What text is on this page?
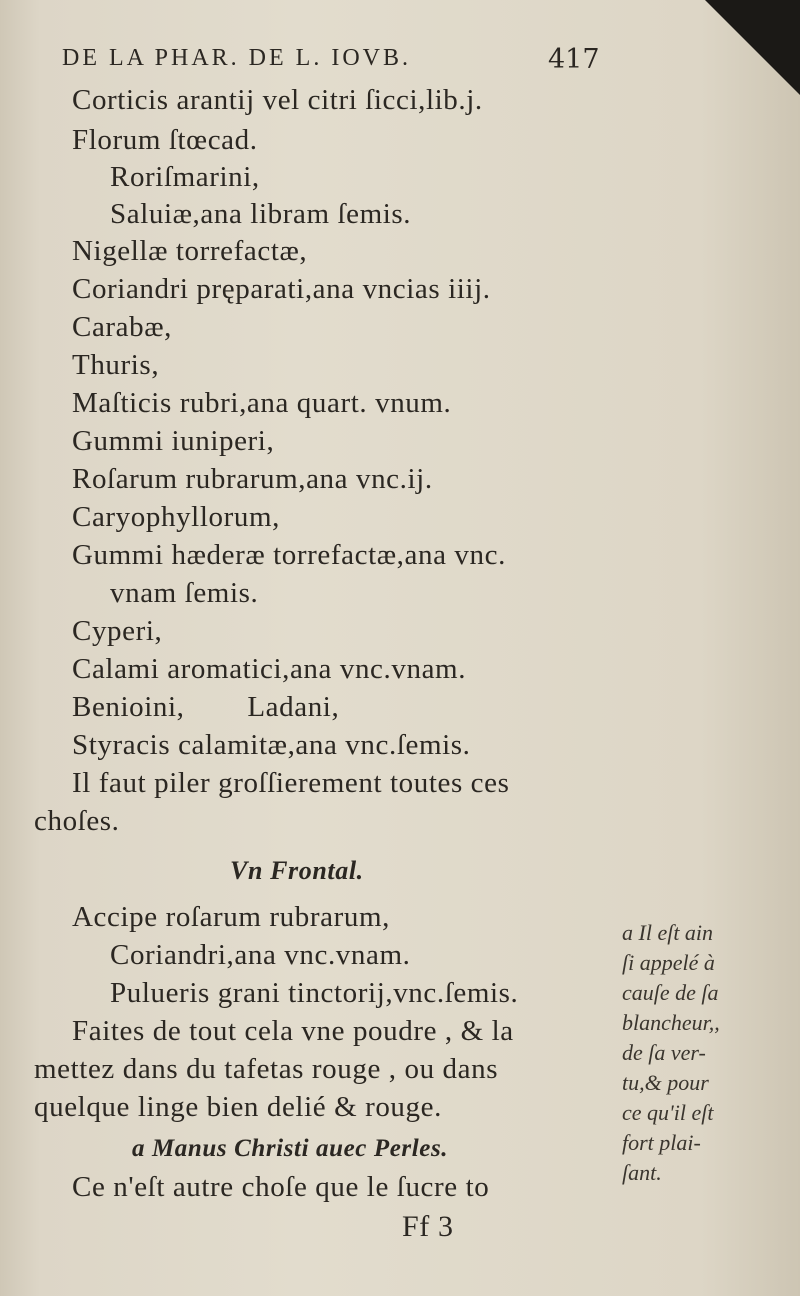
DE LA PHAR. DE L. IOVB.	417
Corticis arantij vel citri ſicci,lib.j.
Florum ſtœcad.
Roriſmarini,
Saluiæ,ana libram ſemis.
Nigellæ torrefactæ,
Coriandri pręparati,ana vncias iiij.
Carabæ,
Thuris,
Maſticis rubri,ana quart. vnum.
Gummi iuniperi,
Roſarum rubrarum,ana vnc.ij.
Caryophyllorum,
Gummi hæderæ torrefactæ,ana vnc.
vnam ſemis.
Cyperi,
Calami aromatici,ana vnc.vnam.
Benioini,        Ladani,
Styracis calamitæ,ana vnc.ſemis.
Il faut piler groſſierement toutes ces
choſes.
Vn Frontal.
Accipe roſarum rubrarum,
Coriandri,ana vnc.vnam.
Pulueris grani tinctorij,vnc.ſemis.
Faites de tout cela vne poudre , & la
mettez dans du tafetas rouge , ou dans
quelque linge bien delié & rouge.
a Manus Christi auec Perles.
Ce n'eſt autre choſe que le ſucre to
a Il eſt ain
ſi appelé à
cauſe de ſa
blancheur,,
de ſa ver-
tu,& pour
ce qu'il eſt
fort plai-
ſant.
Ff 3
